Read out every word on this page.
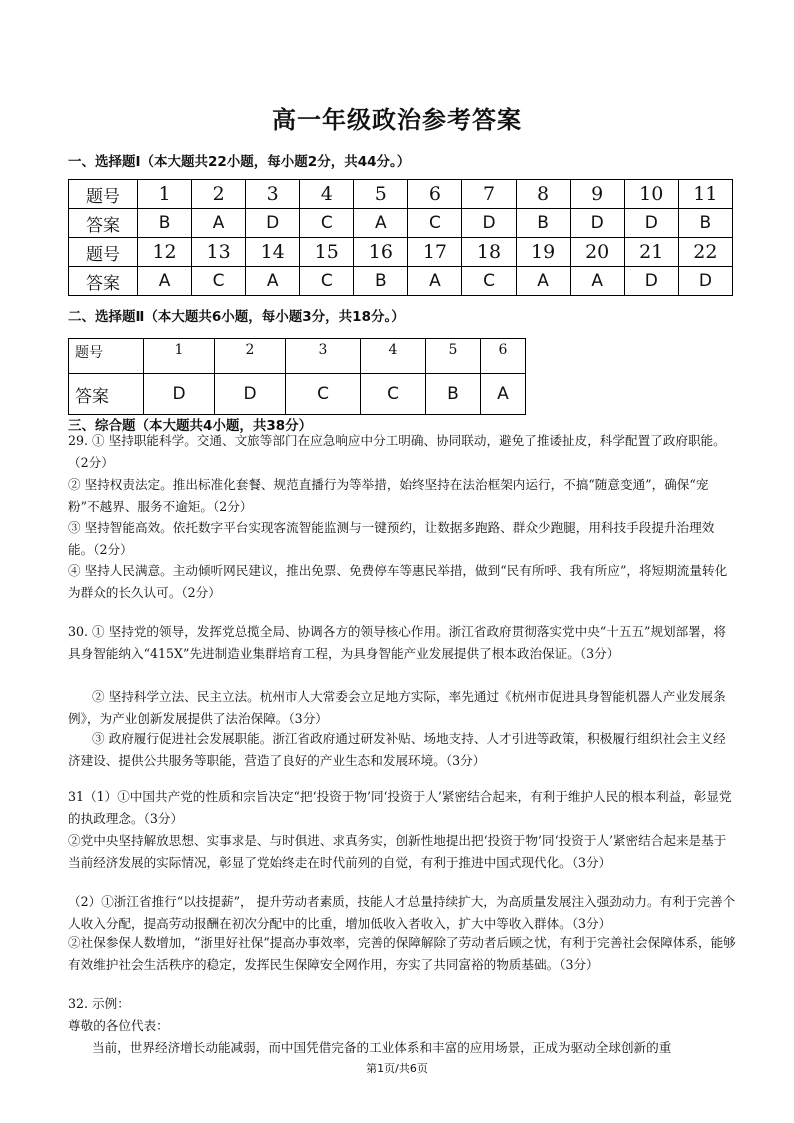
高一年级政治参考答案
一、选择题Ⅰ（本大题共22小题，每小题2分，共44分。）
题号	1	2	3	4	5	6	7	8	9	10	11
答案	B	A	D	C	A	C	D	B	D	D	B
题号	12	13	14	15	16	17	18	19	20	21	22
答案	A	C	A	C	B	A	C	A	A	D	D
二、选择题Ⅱ（本大题共6小题，每小题3分，共18分。）
题号	1	2	3	4	5	6
答案	D	D	C	C	B	A
三、综合题（本大题共4小题，共38分）

29. ① 坚持职能科学。交通、文旅等部门在应急响应中分工明确、协同联动，避免了推诿扯皮，科学配置了政府职能。（2分）

② 坚持权责法定。推出标准化套餐、规范直播行为等举措，始终坚持在法治框架内运行，不搞“随意变通”，确保“宠粉”不越界、服务不逾矩。（2分）

③ 坚持智能高效。依托数字平台实现客流智能监测与一键预约，让数据多跑路、群众少跑腿，用科技手段提升治理效能。（2分）

④ 坚持人民满意。主动倾听网民建议，推出免票、免费停车等惠民举措，做到“民有所呼、我有所应”，将短期流量转化为群众的长久认可。（2分）

30. ① 坚持党的领导，发挥党总揽全局、协调各方的领导核心作用。浙江省政府贯彻落实党中央“十五五”规划部署，将具身智能纳入“415X”先进制造业集群培育工程，为具身智能产业发展提供了根本政治保证。（3分）

② 坚持科学立法、民主立法。杭州市人大常委会立足地方实际，率先通过《杭州市促进具身智能机器人产业发展条例》，为产业创新发展提供了法治保障。（3分）

③ 政府履行促进社会发展职能。浙江省政府通过研发补贴、场地支持、人才引进等政策，积极履行组织社会主义经济建设、提供公共服务等职能，营造了良好的产业生态和发展环境。（3分）

31（1）①中国共产党的性质和宗旨决定“把‘投资于物’同‘投资于人’紧密结合起来，有利于维护人民的根本利益，彰显党的执政理念。（3分）

②党中央坚持解放思想、实事求是、与时俱进、求真务实，创新性地提出把‘投资于物’同‘投资于人’紧密结合起来是基于当前经济发展的实际情况，彰显了党始终走在时代前列的自觉，有利于推进中国式现代化。（3分）

（2）①浙江省推行“以技提薪”， 提升劳动者素质，技能人才总量持续扩大，为高质量发展注入强劲动力。有利于完善个人收入分配，提高劳动报酬在初次分配中的比重，增加低收入者收入，扩大中等收入群体。（3分）

②社保参保人数增加，“浙里好社保”提高办事效率，完善的保障解除了劳动者后顾之忧，有利于完善社会保障体系，能够有效维护社会生活秩序的稳定，发挥民生保障安全网作用，夯实了共同富裕的物质基础。（3分）

32. 示例：

尊敬的各位代表：

当前，世界经济增长动能减弱，而中国凭借完备的工业体系和丰富的应用场景，正成为驱动全球创新的重

第1页/共6页
